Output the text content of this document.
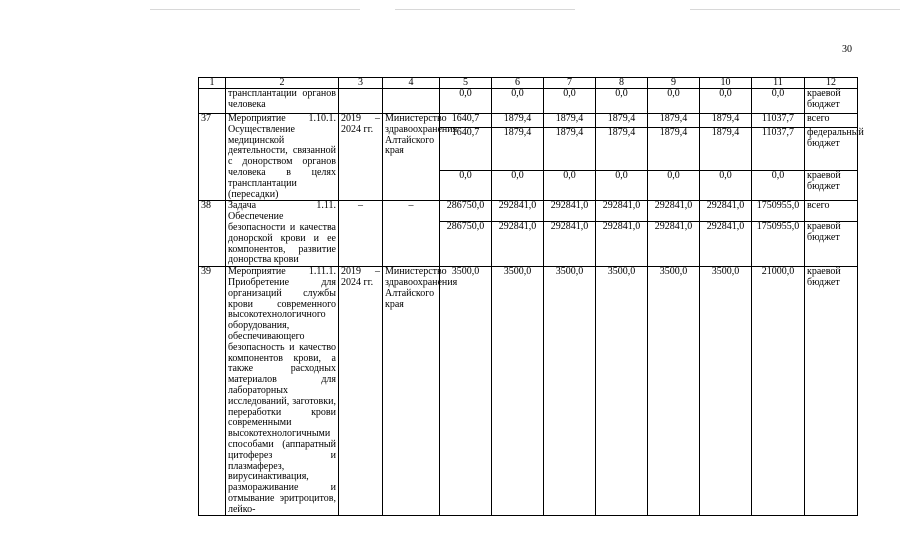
30
1	2	3	4	5	6	7	8	9	10	11	12
	трансплантации органов человека			0,0	0,0	0,0	0,0	0,0	0,0	0,0	краевой бюджет
37	Мероприятие 1.10.1. Осуществление медицинской деятельности, связанной с донорством органов человека в целях трансплантации (пересадки)	2019 – 2024 гг.	Министерство здравоохранения Алтайского края	1640,7	1879,4	1879,4	1879,4	1879,4	1879,4	11037,7	всего
				1640,7	1879,4	1879,4	1879,4	1879,4	1879,4	11037,7	федеральный бюджет
				0,0	0,0	0,0	0,0	0,0	0,0	0,0	краевой бюджет
38	Задача 1.11. Обеспечение безопасности и качества донорской крови и ее компонентов, развитие донорства крови	–	–	286750,0	292841,0	292841,0	292841,0	292841,0	292841,0	1750955,0	всего
				286750,0	292841,0	292841,0	292841,0	292841,0	292841,0	1750955,0	краевой бюджет
39	Мероприятие 1.11.1. Приобретение для организаций службы крови современного высокотехнологичного оборудования, обеспечивающего безопасность и качество компонентов крови, а также расходных материалов для лабораторных исследований, заготовки, переработки крови современными высокотехнологичными способами (аппаратный цитоферез и плазмаферез, вирусинактивация, размораживание и отмывание эритроцитов, лейко-	2019 – 2024 гг.	Министерство здравоохранения Алтайского края	3500,0	3500,0	3500,0	3500,0	3500,0	3500,0	21000,0	краевой бюджет
